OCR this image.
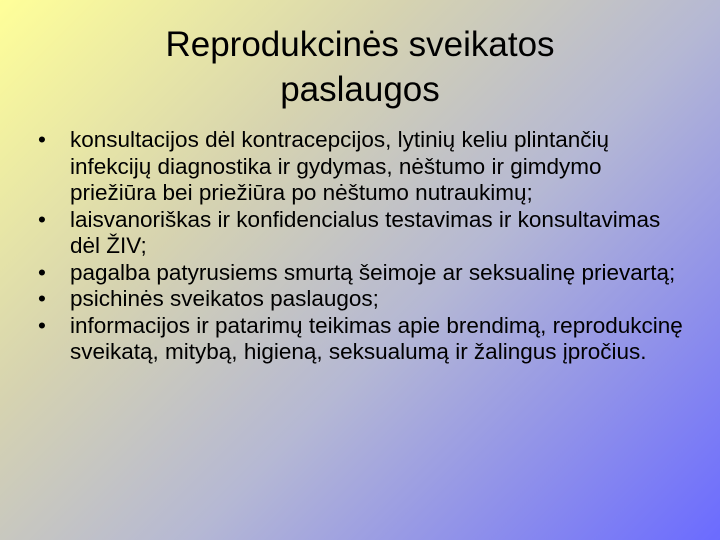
Reprodukcinės sveikatos
paslaugos
•	konsultacijos dėl kontracepcijos, lytinių keliu plintančių infekcijų diagnostika ir gydymas, nėštumo ir gimdymo priežiūra bei priežiūra po nėštumo nutraukimų;
•	laisvanoriškas ir konfidencialus testavimas ir konsultavimas dėl ŽIV;
•	pagalba patyrusiems smurtą šeimoje ar seksualinę prievartą;
•	psichinės sveikatos paslaugos;
•	informacijos ir patarimų teikimas apie brendimą, reprodukcinę sveikatą, mitybą, higieną, seksualumą ir žalingus įpročius.
